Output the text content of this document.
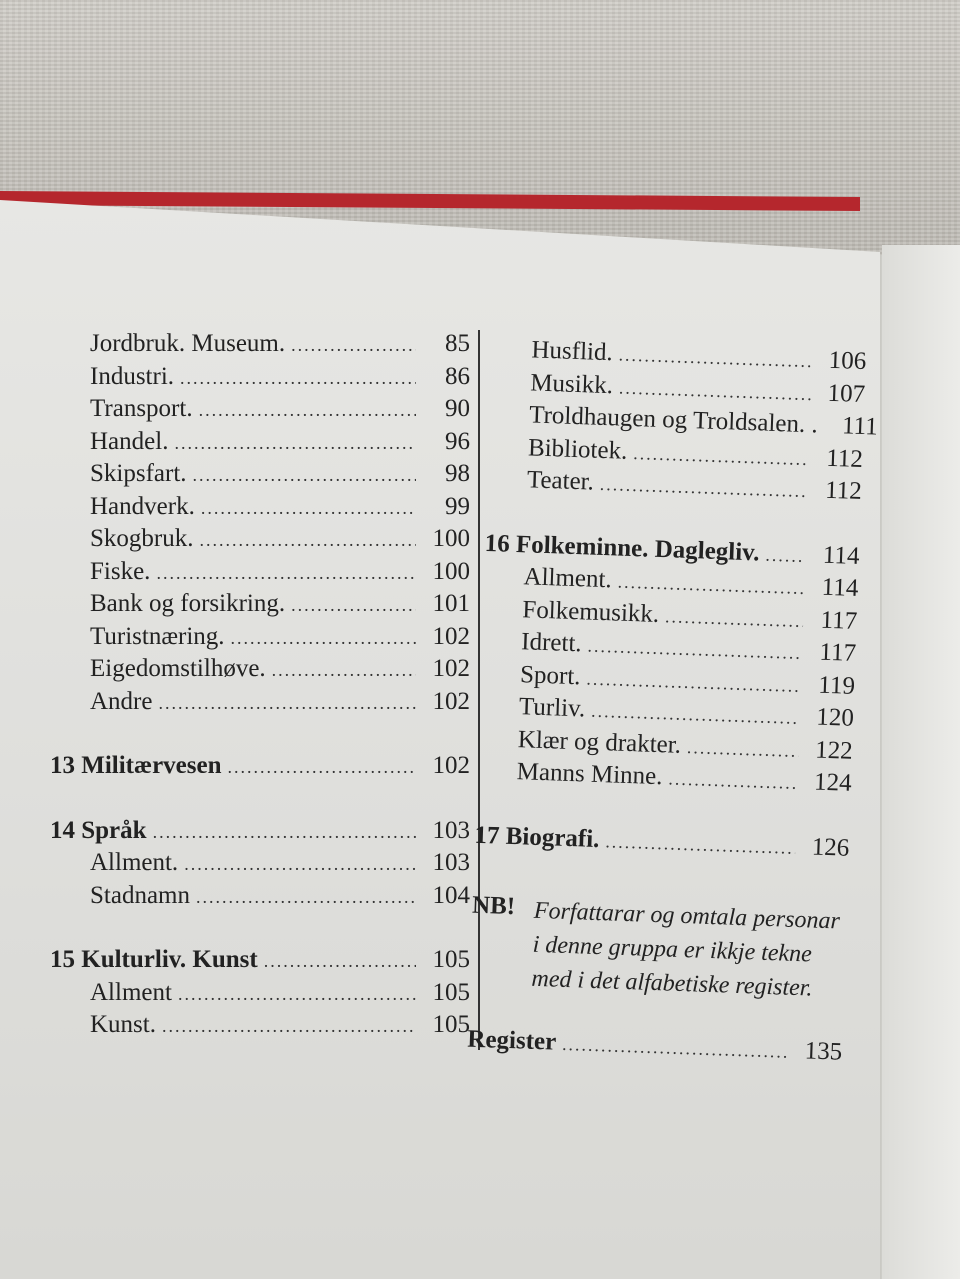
Jordbruk. Museum. .....	85
Industri. .....	86
Transport. .....	90
Handel. .....	96
Skipsfart. .....	98
Handverk. .....	99
Skogbruk. .....	100
Fiske. .....	100
Bank og forsikring. .....	101
Turistnæring. .....	102
Eigedomstilhøve. .....	102
Andre .....	102
13 Militærvesen .....	102
14 Språk .....	103
Allment. .....	103
Stadnamn .....	104
15 Kulturliv. Kunst .....	105
Allment .....	105
Kunst. .....	105
Husflid. .....	106
Musikk. .....	107
Troldhaugen og Troldsalen. . ..... 111
Bibliotek. .....	112
Teater. .....	112
16 Folkeminne. Daglegliv. .....	114
Allment. .....	114
Folkemusikk. .....	117
Idrett. .....	117
Sport. .....	119
Turliv. .....	120
Klær og drakter. .....	122
Manns Minne. .....	124
17 Biografi. .....	126
NB! Forfattarar og omtala personar i denne gruppa er ikkje tekne med i det alfabetiske register.
Register .....	135
